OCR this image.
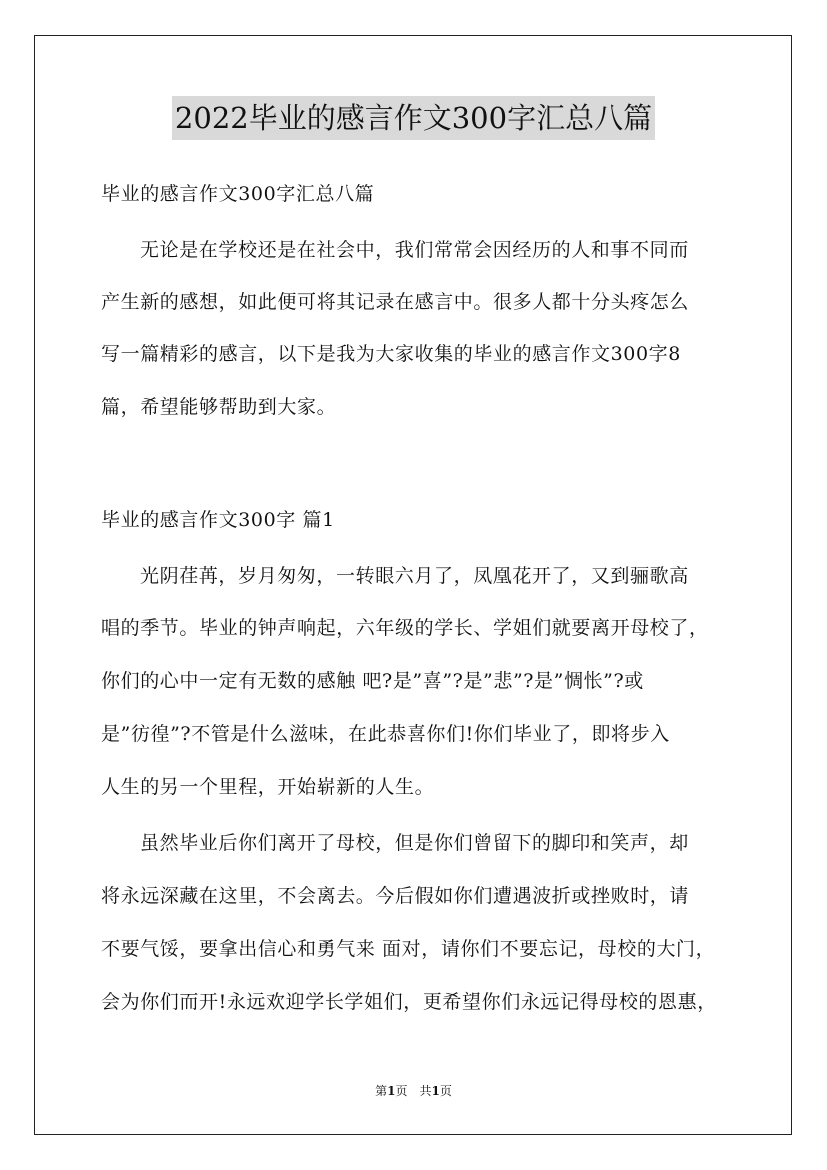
2022毕业的感言作文300字汇总八篇
毕业的感言作文300字汇总八篇
无论是在学校还是在社会中，我们常常会因经历的人和事不同而
产生新的感想，如此便可将其记录在感言中。很多人都十分头疼怎么
写一篇精彩的感言，以下是我为大家收集的毕业的感言作文300字8
篇，希望能够帮助到大家。
毕业的感言作文300字 篇1
光阴荏苒，岁月匆匆，一转眼六月了，凤凰花开了，又到骊歌高
唱的季节。毕业的钟声响起，六年级的学长、学姐们就要离开母校了，
你们的心中一定有无数的感触 吧?是”喜”?是”悲”?是”惆怅”?或
是”彷徨”?不管是什么滋味，在此恭喜你们!你们毕业了，即将步入
人生的另一个里程，开始崭新的人生。
虽然毕业后你们离开了母校，但是你们曾留下的脚印和笑声，却
将永远深藏在这里，不会离去。今后假如你们遭遇波折或挫败时，请
不要气馁，要拿出信心和勇气来 面对，请你们不要忘记，母校的大门，
会为你们而开!永远欢迎学长学姐们，更希望你们永远记得母校的恩惠，
第1页 共1页
